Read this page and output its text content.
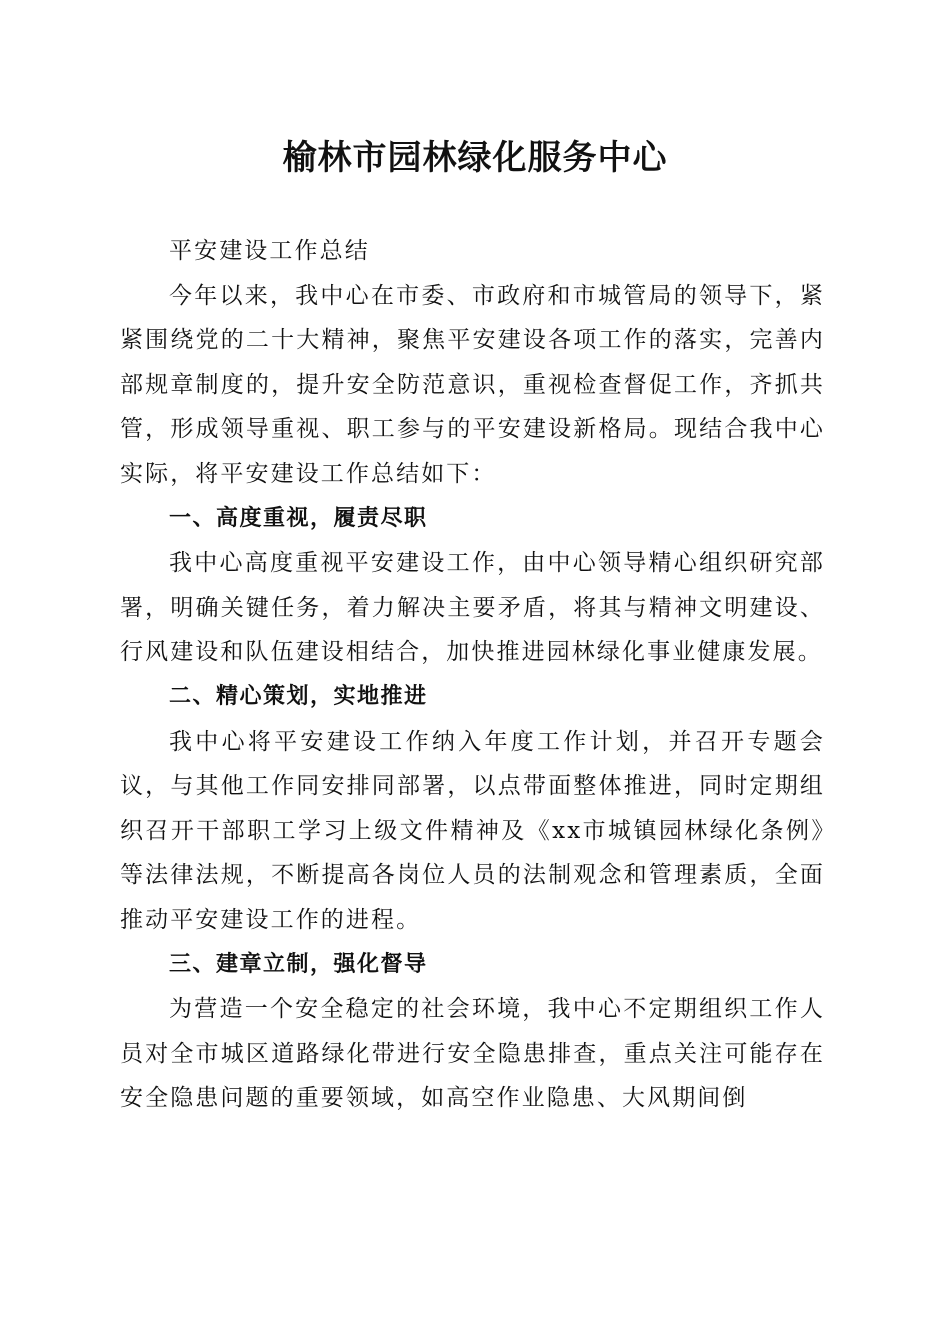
榆林市园林绿化服务中心

平安建设工作总结

今年以来，我中心在市委、市政府和市城管局的领导下，紧紧围绕党的二十大精神，聚焦平安建设各项工作的落实，完善内部规章制度的，提升安全防范意识，重视检查督促工作，齐抓共管，形成领导重视、职工参与的平安建设新格局。现结合我中心实际，将平安建设工作总结如下：

一、高度重视，履责尽职

我中心高度重视平安建设工作，由中心领导精心组织研究部署，明确关键任务，着力解决主要矛盾，将其与精神文明建设、行风建设和队伍建设相结合，加快推进园林绿化事业健康发展。

二、精心策划，实地推进

我中心将平安建设工作纳入年度工作计划，并召开专题会议，与其他工作同安排同部署，以点带面整体推进，同时定期组织召开干部职工学习上级文件精神及《xx市城镇园林绿化条例》等法律法规，不断提高各岗位人员的法制观念和管理素质，全面推动平安建设工作的进程。

三、建章立制，强化督导

为营造一个安全稳定的社会环境，我中心不定期组织工作人员对全市城区道路绿化带进行安全隐患排查，重点关注可能存在安全隐患问题的重要领域，如高空作业隐患、大风期间倒
